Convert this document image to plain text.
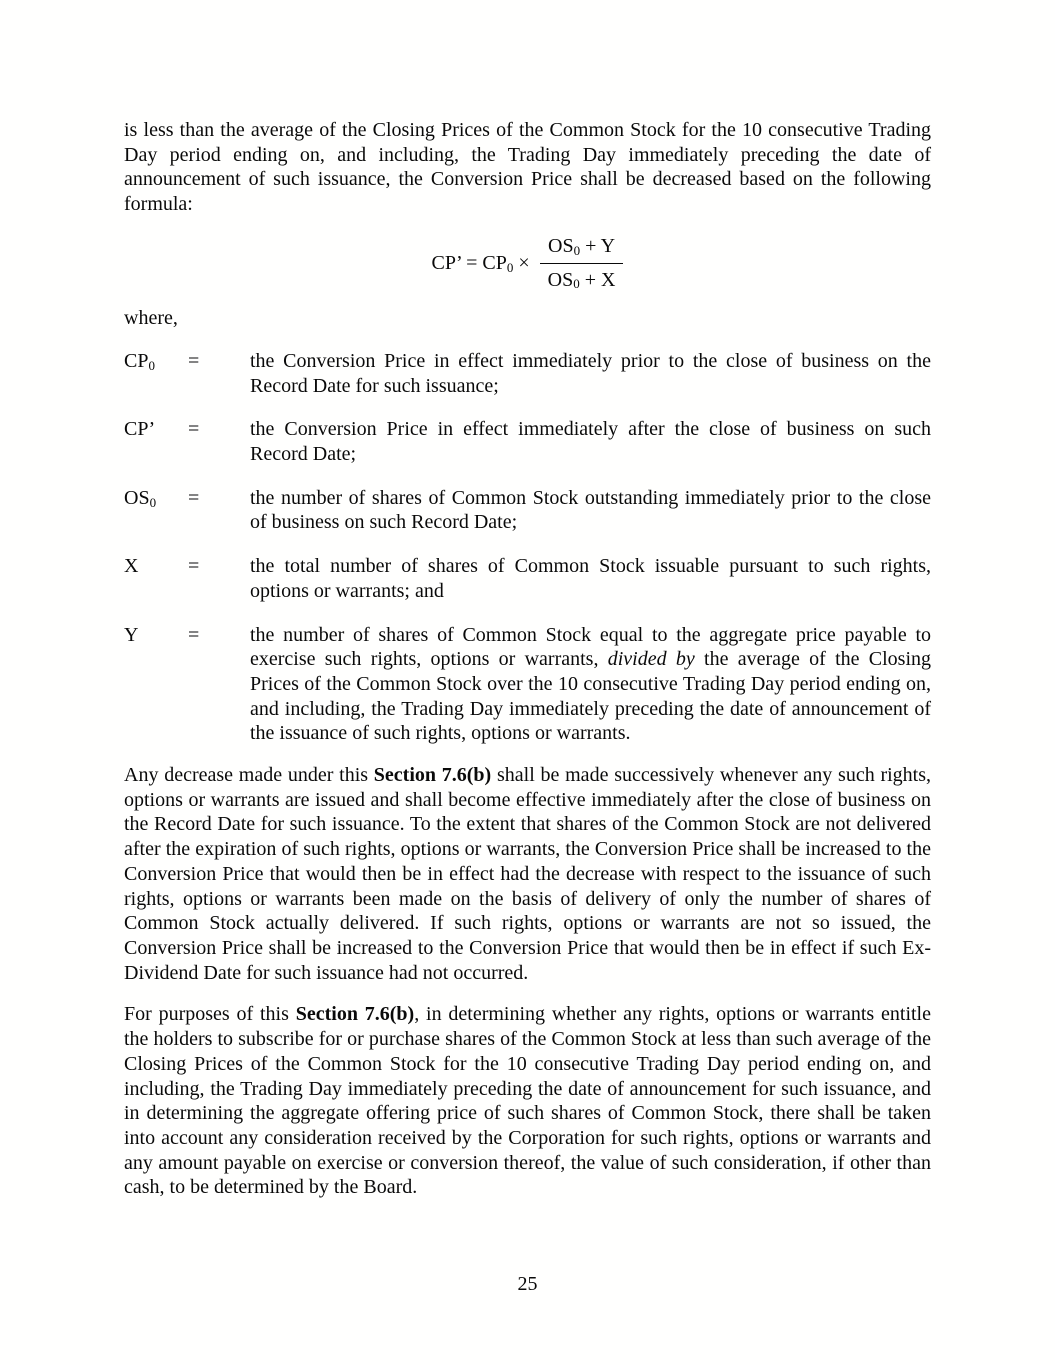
is less than the average of the Closing Prices of the Common Stock for the 10 consecutive Trading Day period ending on, and including, the Trading Day immediately preceding the date of announcement of such issuance, the Conversion Price shall be decreased based on the following formula:

CP’ = $CP_0 \times \frac{OS_0 + Y}{OS_0 + X}$

where,

$CP_0$	=	the Conversion Price in effect immediately prior to the close of business on the Record Date for such issuance;
CP’	=	the Conversion Price in effect immediately after the close of business on such Record Date;
$OS_0$	=	the number of shares of Common Stock outstanding immediately prior to the close of business on such Record Date;
X	=	the total number of shares of Common Stock issuable pursuant to such rights, options or warrants; and
Y	=	the number of shares of Common Stock equal to the aggregate price payable to exercise such rights, options or warrants, divided by the average of the Closing Prices of the Common Stock over the 10 consecutive Trading Day period ending on, and including, the Trading Day immediately preceding the date of announcement of the issuance of such rights, options or warrants.

Any decrease made under this Section 7.6(b) shall be made successively whenever any such rights, options or warrants are issued and shall become effective immediately after the close of business on the Record Date for such issuance. To the extent that shares of the Common Stock are not delivered after the expiration of such rights, options or warrants, the Conversion Price shall be increased to the Conversion Price that would then be in effect had the decrease with respect to the issuance of such rights, options or warrants been made on the basis of delivery of only the number of shares of Common Stock actually delivered. If such rights, options or warrants are not so issued, the Conversion Price shall be increased to the Conversion Price that would then be in effect if such Ex-Dividend Date for such issuance had not occurred.

For purposes of this Section 7.6(b), in determining whether any rights, options or warrants entitle the holders to subscribe for or purchase shares of the Common Stock at less than such average of the Closing Prices of the Common Stock for the 10 consecutive Trading Day period ending on, and including, the Trading Day immediately preceding the date of announcement for such issuance, and in determining the aggregate offering price of such shares of Common Stock, there shall be taken into account any consideration received by the Corporation for such rights, options or warrants and any amount payable on exercise or conversion thereof, the value of such consideration, if other than cash, to be determined by the Board.

25
